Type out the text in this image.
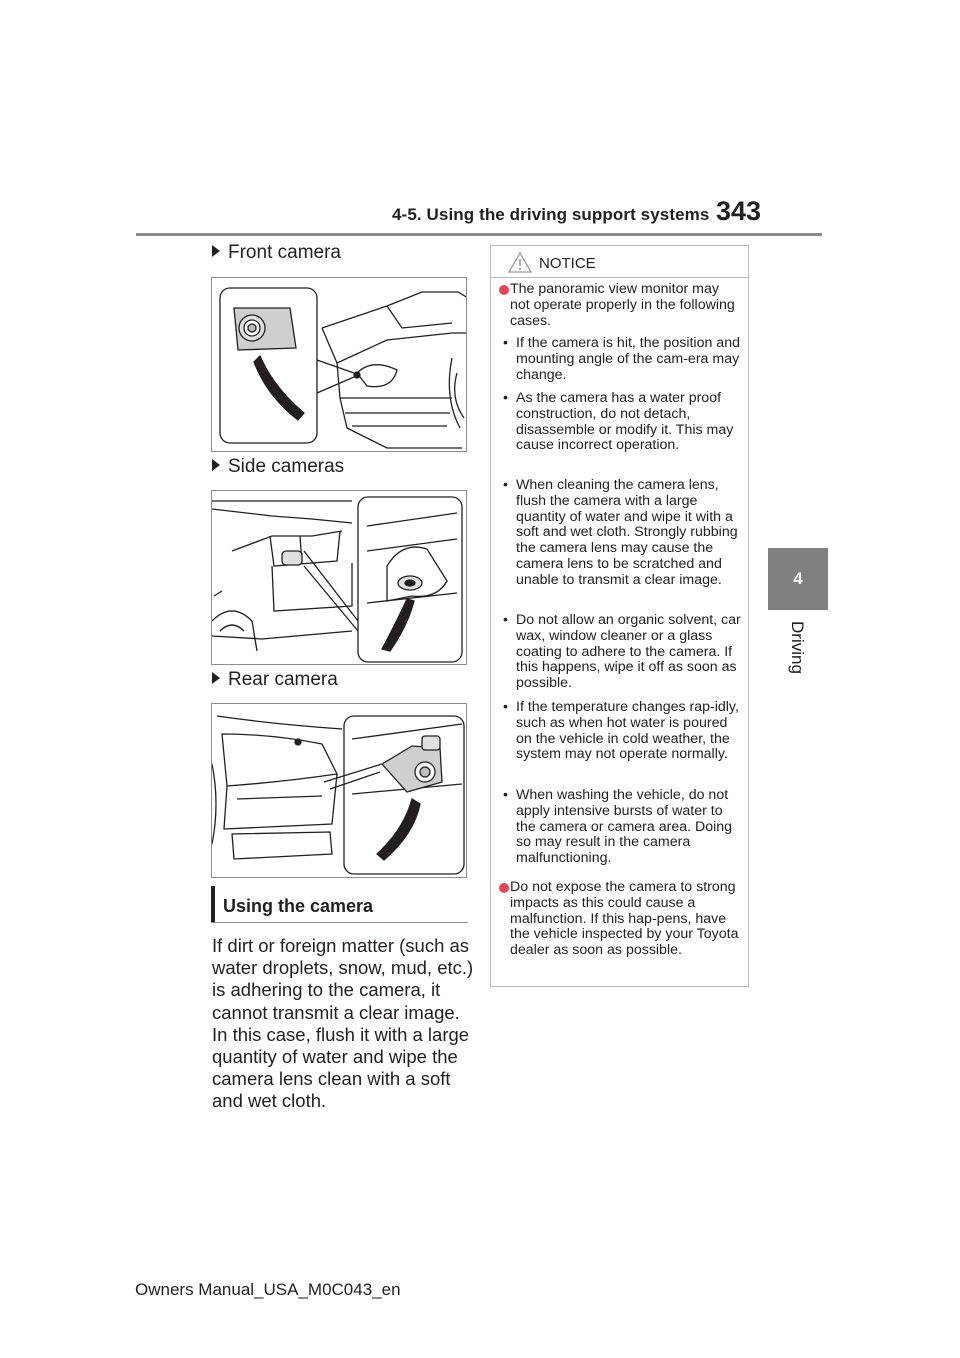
4-5. Using the driving support systems 343
4
Driving
Front camera
Side cameras
Rear camera
Using the camera
If dirt or foreign matter (such as water droplets, snow, mud, etc.) is adhering to the camera, it cannot transmit a clear image. In this case, flush it with a large quantity of water and wipe the camera lens clean with a soft and wet cloth.
NOTICE
The panoramic view monitor may not operate properly in the following cases.
• If the camera is hit, the position and mounting angle of the cam-era may change.
• As the camera has a water proof construction, do not detach, disassemble or modify it. This may cause incorrect operation.
• When cleaning the camera lens, flush the camera with a large quantity of water and wipe it with a soft and wet cloth. Strongly rubbing the camera lens may cause the camera lens to be scratched and unable to transmit a clear image.
• Do not allow an organic solvent, car wax, window cleaner or a glass coating to adhere to the camera. If this happens, wipe it off as soon as possible.
• If the temperature changes rap-idly, such as when hot water is poured on the vehicle in cold weather, the system may not operate normally.
• When washing the vehicle, do not apply intensive bursts of water to the camera or camera area. Doing so may result in the camera malfunctioning.
Do not expose the camera to strong impacts as this could cause a malfunction. If this hap-pens, have the vehicle inspected by your Toyota dealer as soon as possible.
Owners Manual_USA_M0C043_en
